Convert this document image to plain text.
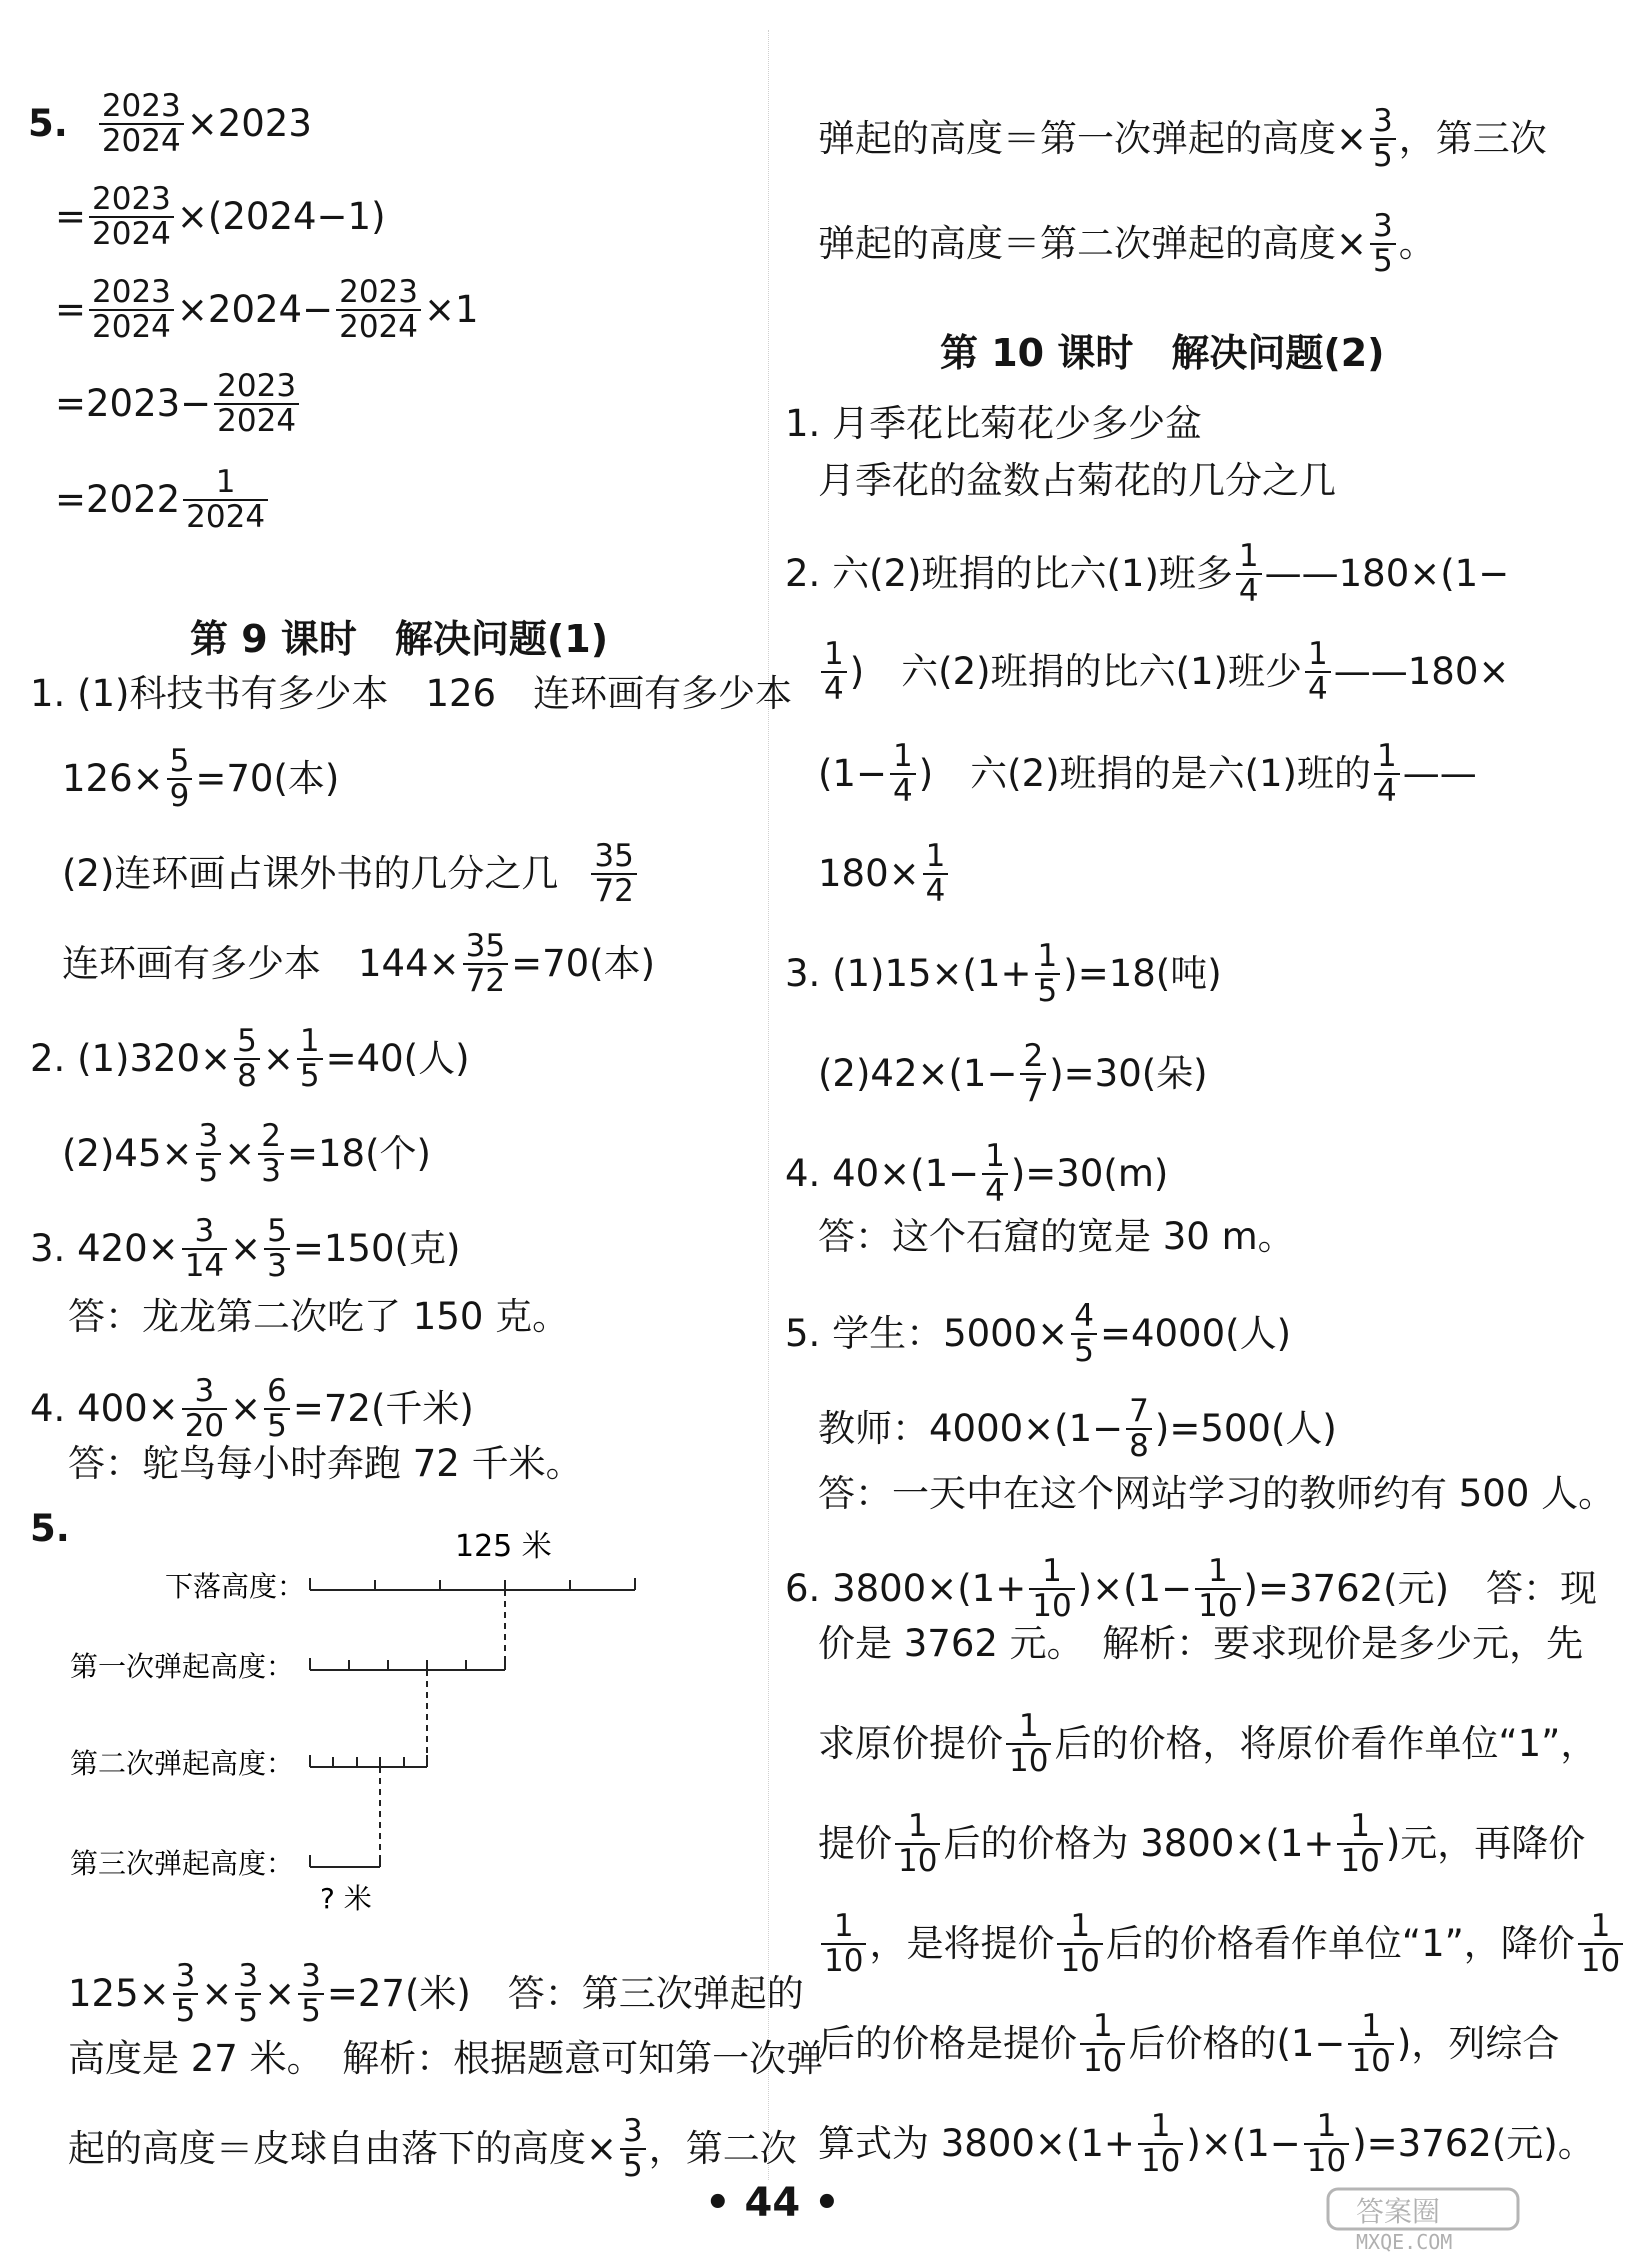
5. $\frac{2023}{2024} \times 2023$
= $\frac{2023}{2024} \times(2024-1)$
= $\frac{2023}{2024} \times 2024- \frac{2023}{2024} \times 1$
$=2023- \frac{2023}{2024}$
=2022 1
2024
第 9 课时　解决问题(1)
1. (1)科技书有多少本　126　连环画有多少本
$126\times \frac{5}{9} =70$(本)
(2)连环画占课外书的几分之几 35
72
连环画有多少本　$144\times \frac{35}{72} =70$(本)
2. $(1)320\times \frac{5}{8} \times \frac{1}{5} =40$(人)
$(2)45\times \frac{3}{5} \times \frac{2}{3} =18$(个)
3. $420\times \frac{3}{14} \times \frac{5}{3} =150$(克)
答：龙龙第二次吃了 150 克。
4. $400\times \frac{3}{20} \times \frac{6}{5} =72$(千米)
答：鸵鸟每小时奔跑 72 千米。
5.	125 米
下落高度：
第一次弹起高度：
第二次弹起高度：
第三次弹起高度：
? 米
$125\times \frac{3}{5} \times \frac{3}{5} \times \frac{3}{5} =27$(米)　答：第三次弹起的
高度是 27 米。　解析：根据题意可知第一次弹
起的高度＝皮球自由落下的高度× $\frac{3}{5}$ ，第二次
弹起的高度＝第一次弹起的高度× $\frac{3}{5}$ ，第三次
弹起的高度＝第二次弹起的高度× $\frac{3}{5}$ 。
第 10 课时　解决问题(2)
1. 月季花比菊花少多少盆
月季花的盆数占菊花的几分之几
2. 六(2)班捐的比六(1)班多 1
4 ——180×(1−
1
4 )　六(2)班捐的比六(1)班少 1
4 ——180×
($1- \frac{1}{4}$ )　六(2)班捐的是六(1)班的 1
4 ——
$180\times \frac{1}{4}$
3. $(1)15\times(1+ \frac{1}{5} )=18$(吨)
$(2)42\times(1- \frac{2}{7} )=30$(朵)
4. $40\times(1- \frac{1}{4} )=30(m)$
答：这个石窟的宽是 30 m。
5. 学生：$5000\times \frac{4}{5} =4000$(人)
教师：$4000\times(1- \frac{7}{8} )=500$(人)
答：一天中在这个网站学习的教师约有 500 人。
6. $3800\times(1+ \frac{1}{10} )\times(1- \frac{1}{10} )=3762$(元)　答：现
价是 3762 元。　解析：要求现价是多少元，先
求原价提价 1
10 后的价格，将原价看作单位“1”，
提价 1
10 后的价格为 $3800\times(1+ \frac{1}{10}$ )元，再降价
1
10 ，是将提价 1
10 后的价格看作单位“1”，降价 1
10
后的价格是提价 1
10 后价格的($1- \frac{1}{10}$ )，列综合
算式为 $3800\times(1+ \frac{1}{10} )\times(1- \frac{1}{10} )=3762$(元)。
• 44 •	答案圈
MXQE.COM
